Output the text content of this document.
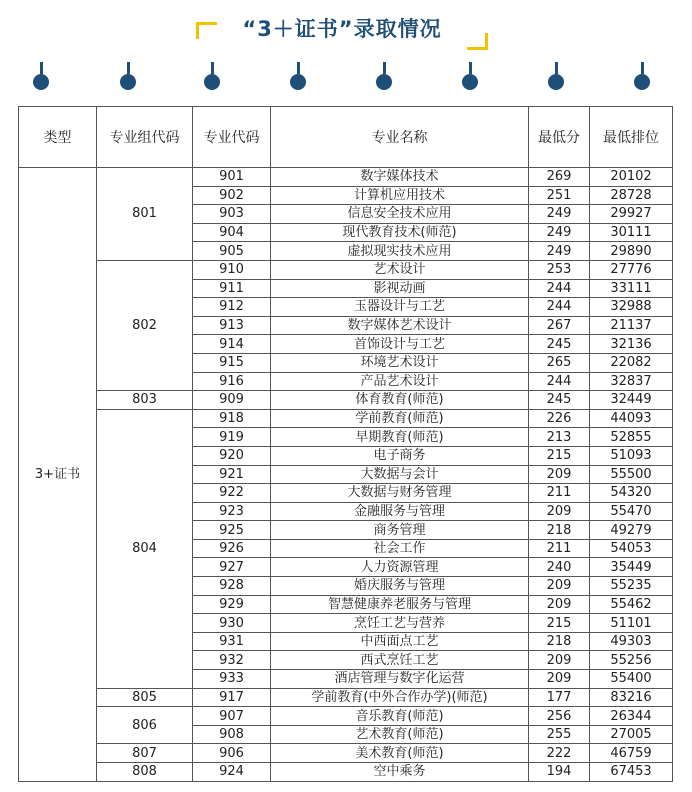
“3＋证书”录取情况
类型	专业组代码	专业代码	专业名称	最低分	最低排位
3+证书	801	901	数字媒体技术	269	20102
		902	计算机应用技术	251	28728
		903	信息安全技术应用	249	29927
		904	现代教育技术(师范)	249	30111
		905	虚拟现实技术应用	249	29890
	802	910	艺术设计	253	27776
		911	影视动画	244	33111
		912	玉器设计与工艺	244	32988
		913	数字媒体艺术设计	267	21137
		914	首饰设计与工艺	245	32136
		915	环境艺术设计	265	22082
		916	产品艺术设计	244	32837
	803	909	体育教育(师范)	245	32449
	804	918	学前教育(师范)	226	44093
		919	早期教育(师范)	213	52855
		920	电子商务	215	51093
		921	大数据与会计	209	55500
		922	大数据与财务管理	211	54320
		923	金融服务与管理	209	55470
		925	商务管理	218	49279
		926	社会工作	211	54053
		927	人力资源管理	240	35449
		928	婚庆服务与管理	209	55235
		929	智慧健康养老服务与管理	209	55462
		930	烹饪工艺与营养	215	51101
		931	中西面点工艺	218	49303
		932	西式烹饪工艺	209	55256
		933	酒店管理与数字化运营	209	55400
	805	917	学前教育(中外合作办学)(师范)	177	83216
	806	907	音乐教育(师范)	256	26344
		908	艺术教育(师范)	255	27005
	807	906	美术教育(师范)	222	46759
	808	924	空中乘务	194	67453
